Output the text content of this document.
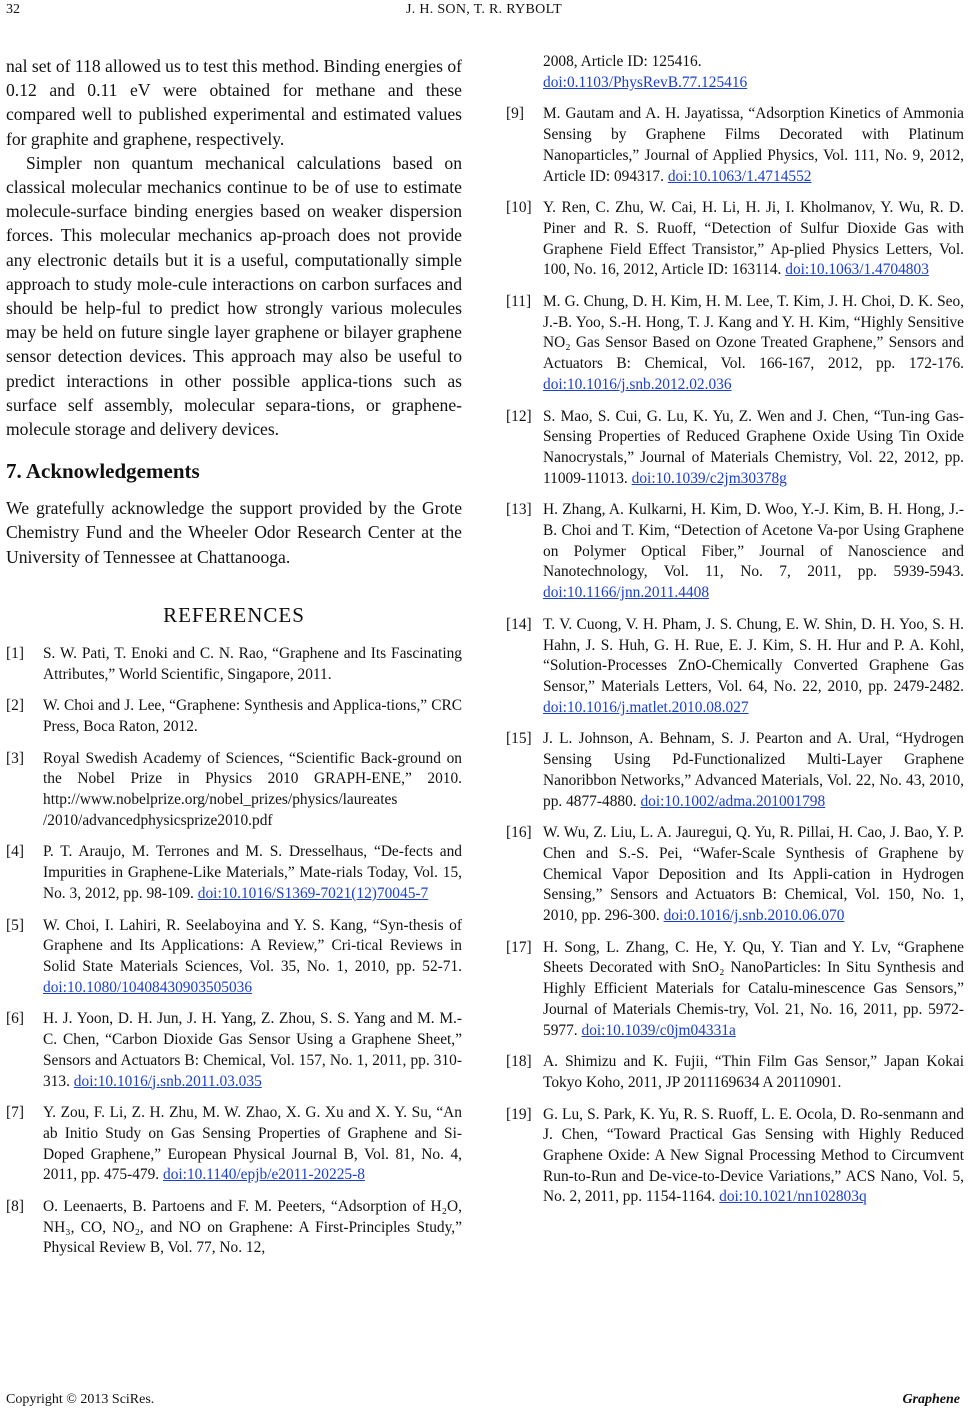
32	J. H. SON, T. R. RYBOLT

nal set of 118 allowed us to test this method. Binding energies of 0.12 and 0.11 eV were obtained for methane and these compared well to published experimental and estimated values for graphite and graphene, respectively.

Simpler non quantum mechanical calculations based on classical molecular mechanics continue to be of use to estimate molecule-surface binding energies based on weaker dispersion forces. This molecular mechanics ap-proach does not provide any electronic details but it is a useful, computationally simple approach to study mole-cule interactions on carbon surfaces and should be help-ful to predict how strongly various molecules may be held on future single layer graphene or bilayer graphene sensor detection devices. This approach may also be useful to predict interactions in other possible applica-tions such as surface self assembly, molecular separa-tions, or graphene-molecule storage and delivery devices.

7. Acknowledgements

We gratefully acknowledge the support provided by the Grote Chemistry Fund and the Wheeler Odor Research Center at the University of Tennessee at Chattanooga.

REFERENCES
[1]	S. W. Pati, T. Enoki and C. N. Rao, “Graphene and Its Fascinating Attributes,” World Scientific, Singapore, 2011.
[2]	W. Choi and J. Lee, “Graphene: Synthesis and Applica-tions,” CRC Press, Boca Raton, 2012.
[3]	Royal Swedish Academy of Sciences, “Scientific Back-ground on the Nobel Prize in Physics 2010 GRAPH-ENE,” 2010. http://www.nobelprize.org/nobel_prizes/physics/laureates /2010/advancedphysicsprize2010.pdf
[4]	P. T. Araujo, M. Terrones and M. S. Dresselhaus, “De-fects and Impurities in Graphene-Like Materials,” Mate-rials Today, Vol. 15, No. 3, 2012, pp. 98-109. doi:10.1016/S1369-7021(12)70045-7
[5]	W. Choi, I. Lahiri, R. Seelaboyina and Y. S. Kang, “Syn-thesis of Graphene and Its Applications: A Review,” Cri-tical Reviews in Solid State Materials Sciences, Vol. 35, No. 1, 2010, pp. 52-71. doi:10.1080/10408430903505036
[6]	H. J. Yoon, D. H. Jun, J. H. Yang, Z. Zhou, S. S. Yang and M. M.-C. Chen, “Carbon Dioxide Gas Sensor Using a Graphene Sheet,” Sensors and Actuators B: Chemical, Vol. 157, No. 1, 2011, pp. 310-313. doi:10.1016/j.snb.2011.03.035
[7]	Y. Zou, F. Li, Z. H. Zhu, M. W. Zhao, X. G. Xu and X. Y. Su, “An ab Initio Study on Gas Sensing Properties of Graphene and Si-Doped Graphene,” European Physical Journal B, Vol. 81, No. 4, 2011, pp. 475-479. doi:10.1140/epjb/e2011-20225-8
[8]	O. Leenaerts, B. Partoens and F. M. Peeters, “Adsorption of H₂O, NH₃, CO, NO₂, and NO on Graphene: A First-Principles Study,” Physical Review B, Vol. 77, No. 12,
2008, Article ID: 125416.
doi:0.1103/PhysRevB.77.125416
[9]	M. Gautam and A. H. Jayatissa, “Adsorption Kinetics of Ammonia Sensing by Graphene Films Decorated with Platinum Nanoparticles,” Journal of Applied Physics, Vol. 111, No. 9, 2012, Article ID: 094317. doi:10.1063/1.4714552
[10] Y. Ren, C. Zhu, W. Cai, H. Li, H. Ji, I. Kholmanov, Y. Wu, R. D. Piner and R. S. Ruoff, “Detection of Sulfur Dioxide Gas with Graphene Field Effect Transistor,” Ap-plied Physics Letters, Vol. 100, No. 16, 2012, Article ID: 163114. doi:10.1063/1.4704803
[11] M. G. Chung, D. H. Kim, H. M. Lee, T. Kim, J. H. Choi, D. K. Seo, J.-B. Yoo, S.-H. Hong, T. J. Kang and Y. H. Kim, “Highly Sensitive NO₂ Gas Sensor Based on Ozone Treated Graphene,” Sensors and Actuators B: Chemical, Vol. 166-167, 2012, pp. 172-176. doi:10.1016/j.snb.2012.02.036
[12] S. Mao, S. Cui, G. Lu, K. Yu, Z. Wen and J. Chen, “Tun-ing Gas-Sensing Properties of Reduced Graphene Oxide Using Tin Oxide Nanocrystals,” Journal of Materials Chemistry, Vol. 22, 2012, pp. 11009-11013. doi:10.1039/c2jm30378g
[13] H. Zhang, A. Kulkarni, H. Kim, D. Woo, Y.-J. Kim, B. H. Hong, J.-B. Choi and T. Kim, “Detection of Acetone Va-por Using Graphene on Polymer Optical Fiber,” Journal of Nanoscience and Nanotechnology, Vol. 11, No. 7, 2011, pp. 5939-5943. doi:10.1166/jnn.2011.4408
[14] T. V. Cuong, V. H. Pham, J. S. Chung, E. W. Shin, D. H. Yoo, S. H. Hahn, J. S. Huh, G. H. Rue, E. J. Kim, S. H. Hur and P. A. Kohl, “Solution-Processes ZnO-Chemically Converted Graphene Gas Sensor,” Materials Letters, Vol. 64, No. 22, 2010, pp. 2479-2482. doi:10.1016/j.matlet.2010.08.027
[15] J. L. Johnson, A. Behnam, S. J. Pearton and A. Ural, “Hydrogen Sensing Using Pd-Functionalized Multi-Layer Graphene Nanoribbon Networks,” Advanced Materials, Vol. 22, No. 43, 2010, pp. 4877-4880. doi:10.1002/adma.201001798
[16] W. Wu, Z. Liu, L. A. Jauregui, Q. Yu, R. Pillai, H. Cao, J. Bao, Y. P. Chen and S.-S. Pei, “Wafer-Scale Synthesis of Graphene by Chemical Vapor Deposition and Its Appli-cation in Hydrogen Sensing,” Sensors and Actuators B: Chemical, Vol. 150, No. 1, 2010, pp. 296-300. doi:0.1016/j.snb.2010.06.070
[17] H. Song, L. Zhang, C. He, Y. Qu, Y. Tian and Y. Lv, “Graphene Sheets Decorated with SnO₂ NanoParticles: In Situ Synthesis and Highly Efficient Materials for Catalu-minescence Gas Sensors,” Journal of Materials Chemis-try, Vol. 21, No. 16, 2011, pp. 5972-5977. doi:10.1039/c0jm04331a
[18] A. Shimizu and K. Fujii, “Thin Film Gas Sensor,” Japan Kokai Tokyo Koho, 2011, JP 2011169634 A 20110901.
[19] G. Lu, S. Park, K. Yu, R. S. Ruoff, L. E. Ocola, D. Ro-senmann and J. Chen, “Toward Practical Gas Sensing with Highly Reduced Graphene Oxide: A New Signal Processing Method to Circumvent Run-to-Run and De-vice-to-Device Variations,” ACS Nano, Vol. 5, No. 2, 2011, pp. 1154-1164. doi:10.1021/nn102803q
Copyright © 2013 SciRes.	Graphene
